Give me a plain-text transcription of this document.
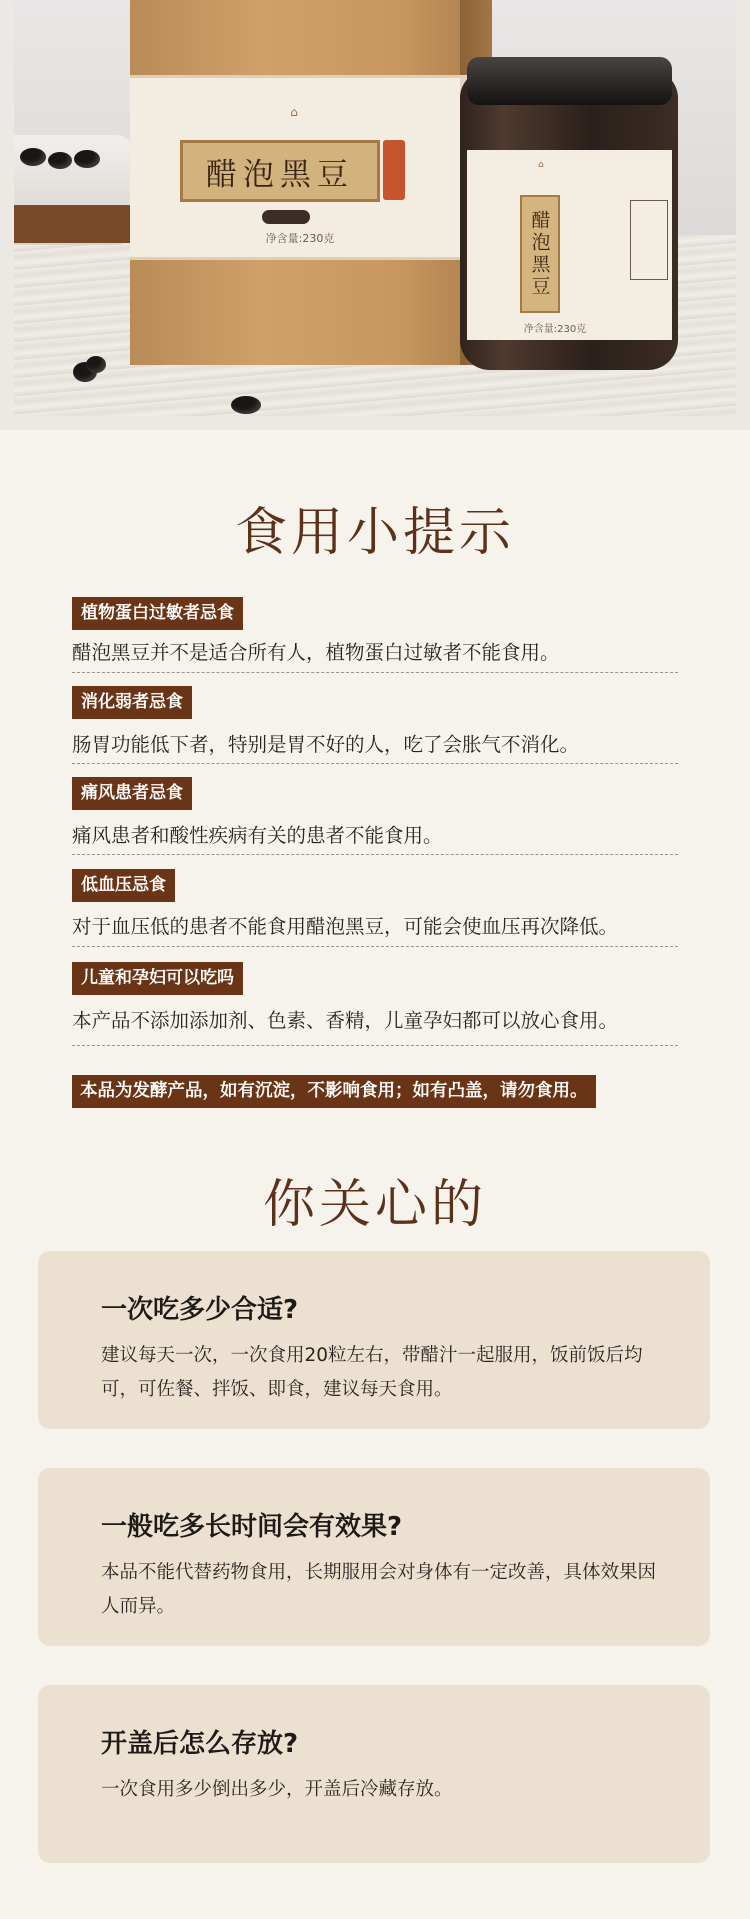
⌂
醋泡黑豆
净含量:230克
⌂
醋泡黑豆
净含量:230克
食用小提示
植物蛋白过敏者忌食
醋泡黑豆并不是适合所有人，植物蛋白过敏者不能食用。
消化弱者忌食
肠胃功能低下者，特别是胃不好的人，吃了会胀气不消化。
痛风患者忌食
痛风患者和酸性疾病有关的患者不能食用。
低血压忌食
对于血压低的患者不能食用醋泡黑豆，可能会使血压再次降低。
儿童和孕妇可以吃吗
本产品不添加添加剂、色素、香精，儿童孕妇都可以放心食用。
本品为发酵产品，如有沉淀，不影响食用；如有凸盖，请勿食用。
你关心的
一次吃多少合适?
建议每天一次，一次食用20粒左右，带醋汁一起服用，饭前饭后均可，可佐餐、拌饭、即食，建议每天食用。
一般吃多长时间会有效果?
本品不能代替药物食用，长期服用会对身体有一定改善，具体效果因人而异。
开盖后怎么存放?
一次食用多少倒出多少，开盖后冷藏存放。
